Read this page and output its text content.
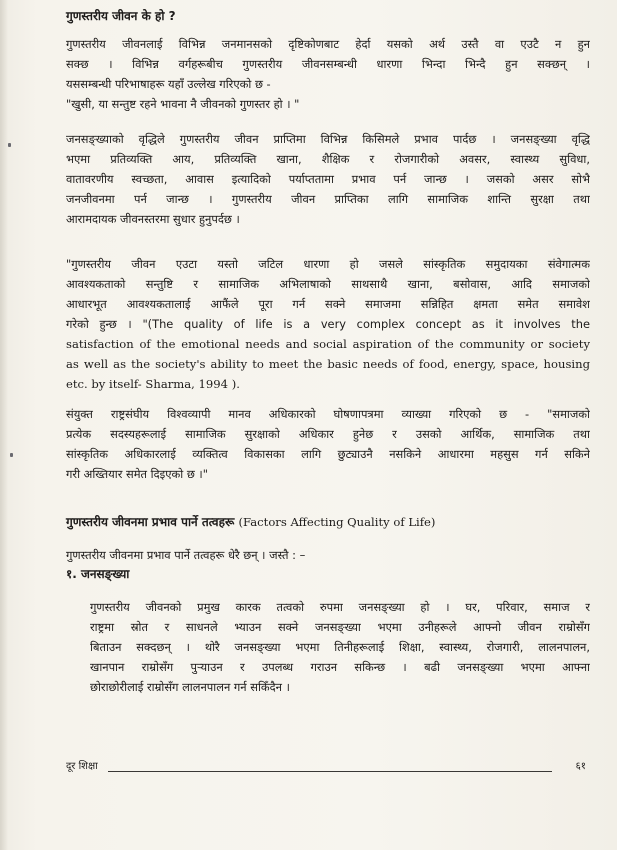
गुणस्तरीय जीवन के हो ?
गुणस्तरीय जीवनलाई विभिन्न जनमानसको दृष्टिकोणबाट हेर्दा यसको अर्थ उस्तै वा एउटै न हुन
सक्छ । विभिन्न वर्गहरूबीच गुणस्तरीय जीवनसम्बन्धी धारणा भिन्दा भिन्दै हुन सक्छन् ।
यससम्बन्धी परिभाषाहरू यहाँ उल्लेख गरिएको छ -
"खुसी, या सन्तुष्ट रहने भावना नै जीवनको गुणस्तर हो । "
जनसङ्ख्याको वृद्धिले गुणस्तरीय जीवन प्राप्तिमा विभिन्न किसिमले प्रभाव पार्दछ । जनसङ्ख्या वृद्धि
भएमा प्रतिव्यक्ति आय, प्रतिव्यक्ति खाना, शैक्षिक र रोजगारीको अवसर, स्वास्थ्य सुविधा,
वातावरणीय स्वच्छता, आवास इत्यादिको पर्याप्ततामा प्रभाव पर्न जान्छ । जसको असर सोभै
जनजीवनमा पर्न जान्छ । गुणस्तरीय जीवन प्राप्तिका लागि सामाजिक शान्ति सुरक्षा तथा
आरामदायक जीवनस्तरमा सुधार हुनुपर्दछ ।
"गुणस्तरीय जीवन एउटा यस्तो जटिल धारणा हो जसले सांस्कृतिक समुदायका संवेगात्मक
आवश्यकताको सन्तुष्टि र सामाजिक अभिलाषाको साथसाथै खाना, बसोवास, आदि समाजको
आधारभूत आवश्यकतालाई आफैंले पूरा गर्न सक्ने समाजमा सन्निहित क्षमता समेत समावेश
गरेको हुन्छ । "(The quality of life is a very complex concept as it involves the
satisfaction of the emotional needs and social aspiration of the community or society
as well as the society's ability to meet the basic needs of food, energy, space, housing
etc. by itself- Sharma, 1994 ).
संयुक्त राष्ट्रसंघीय विश्वव्यापी मानव अधिकारको घोषणापत्रमा व्याख्या गरिएको छ - "समाजको
प्रत्येक सदस्यहरूलाई सामाजिक सुरक्षाको अधिकार हुनेछ र उसको आर्थिक, सामाजिक तथा
सांस्कृतिक अधिकारलाई व्यक्तित्व विकासका लागि छुट्याउनै नसकिने आधारमा महसुस गर्न सकिने
गरी अख्तियार समेत दिइएको छ ।"
गुणस्तरीय जीवनमा प्रभाव पार्ने तत्वहरू (Factors Affecting Quality of Life)
गुणस्तरीय जीवनमा प्रभाव पार्ने तत्वहरू धेरै छन् । जस्तै : –
१. जनसङ्ख्या
गुणस्तरीय जीवनको प्रमुख कारक तत्वको रुपमा जनसङ्ख्या हो । घर, परिवार, समाज र
राष्ट्रमा स्रोत र साधनले भ्याउन सक्ने जनसङ्ख्या भएमा उनीहरूले आफ्नो जीवन राम्रोसँग
बिताउन सक्दछन् । थोरै जनसङ्ख्या भएमा तिनीहरूलाई शिक्षा, स्वास्थ्य, रोजगारी, लालनपालन,
खानपान राम्रोसँग पुऱ्याउन र उपलब्ध गराउन सकिन्छ । बढी जनसङ्ख्या भएमा आफ्ना
छोराछोरीलाई राम्रोसँग लालनपालन गर्न सकिँदैन ।
दूर शिक्षा	६१
